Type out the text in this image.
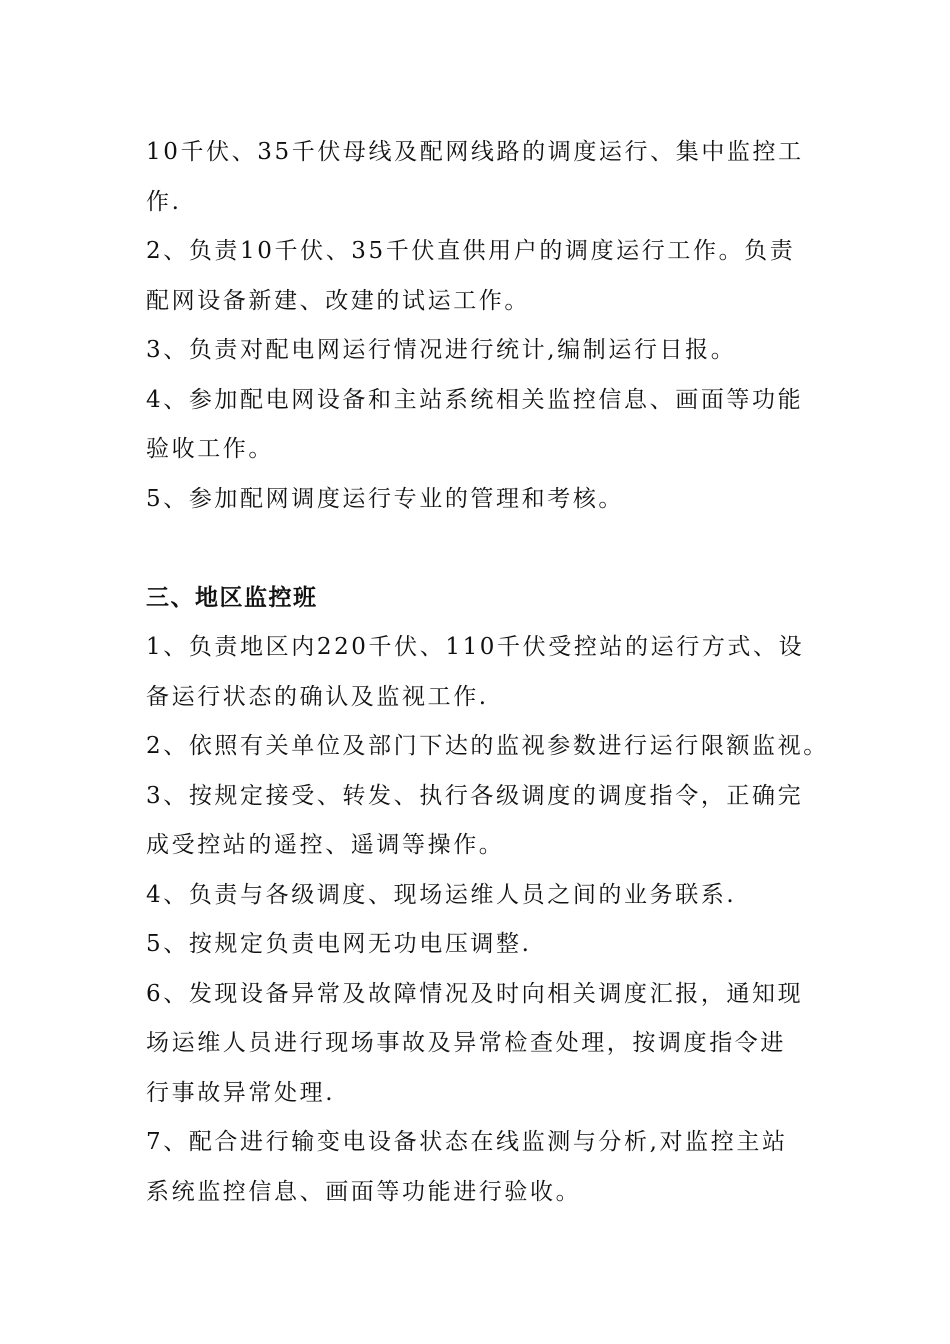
10千伏、35千伏母线及配网线路的调度运行、集中监控工
作.
2、负责10千伏、35千伏直供用户的调度运行工作。负责
配网设备新建、改建的试运工作。
3、负责对配电网运行情况进行统计,编制运行日报。
4、参加配电网设备和主站系统相关监控信息、画面等功能
验收工作。
5、参加配网调度运行专业的管理和考核。
三、地区监控班
1、负责地区内220千伏、110千伏受控站的运行方式、设
备运行状态的确认及监视工作.
2、依照有关单位及部门下达的监视参数进行运行限额监视。
3、按规定接受、转发、执行各级调度的调度指令，正确完
成受控站的遥控、遥调等操作。
4、负责与各级调度、现场运维人员之间的业务联系.
5、按规定负责电网无功电压调整.
6、发现设备异常及故障情况及时向相关调度汇报，通知现
场运维人员进行现场事故及异常检查处理，按调度指令进
行事故异常处理.
7、配合进行输变电设备状态在线监测与分析,对监控主站
系统监控信息、画面等功能进行验收。
